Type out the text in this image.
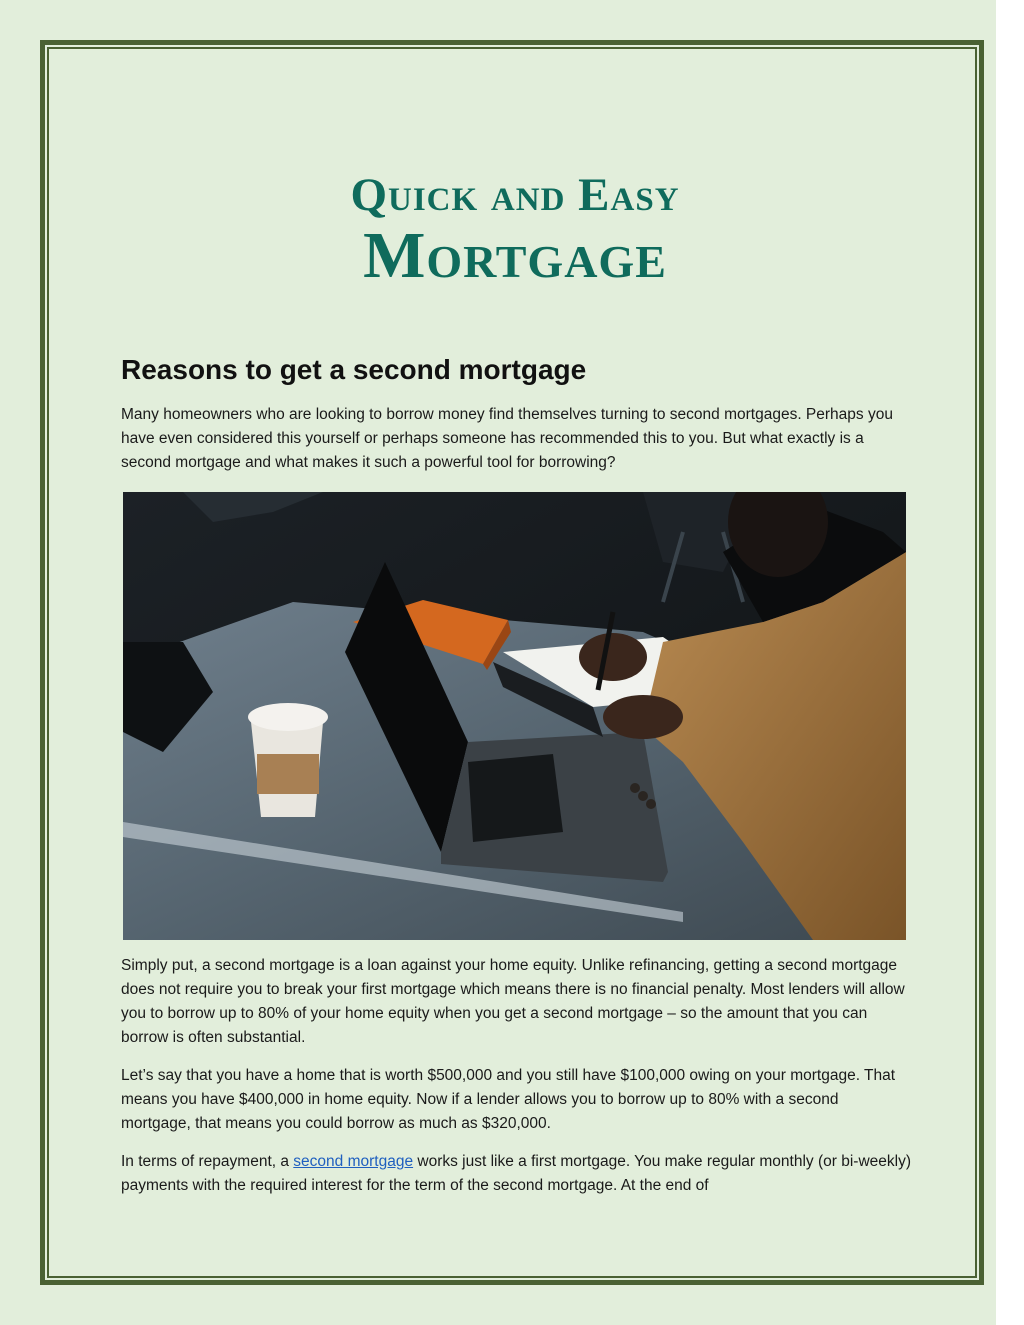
Quick and Easy
Mortgage
Reasons to get a second mortgage

Many homeowners who are looking to borrow money find themselves turning to second mortgages. Perhaps you have even considered this yourself or perhaps someone has recommended this to you. But what exactly is a second mortgage and what makes it such a powerful tool for borrowing?

Simply put, a second mortgage is a loan against your home equity. Unlike refinancing, getting a second mortgage does not require you to break your first mortgage which means there is no financial penalty. Most lenders will allow you to borrow up to 80% of your home equity when you get a second mortgage – so the amount that you can borrow is often substantial.

Let’s say that you have a home that is worth $500,000 and you still have $100,000 owing on your mortgage. That means you have $400,000 in home equity. Now if a lender allows you to borrow up to 80% with a second mortgage, that means you could borrow as much as $320,000.

In terms of repayment, a second mortgage works just like a first mortgage. You make regular monthly (or bi-weekly) payments with the required interest for the term of the second mortgage. At the end of
